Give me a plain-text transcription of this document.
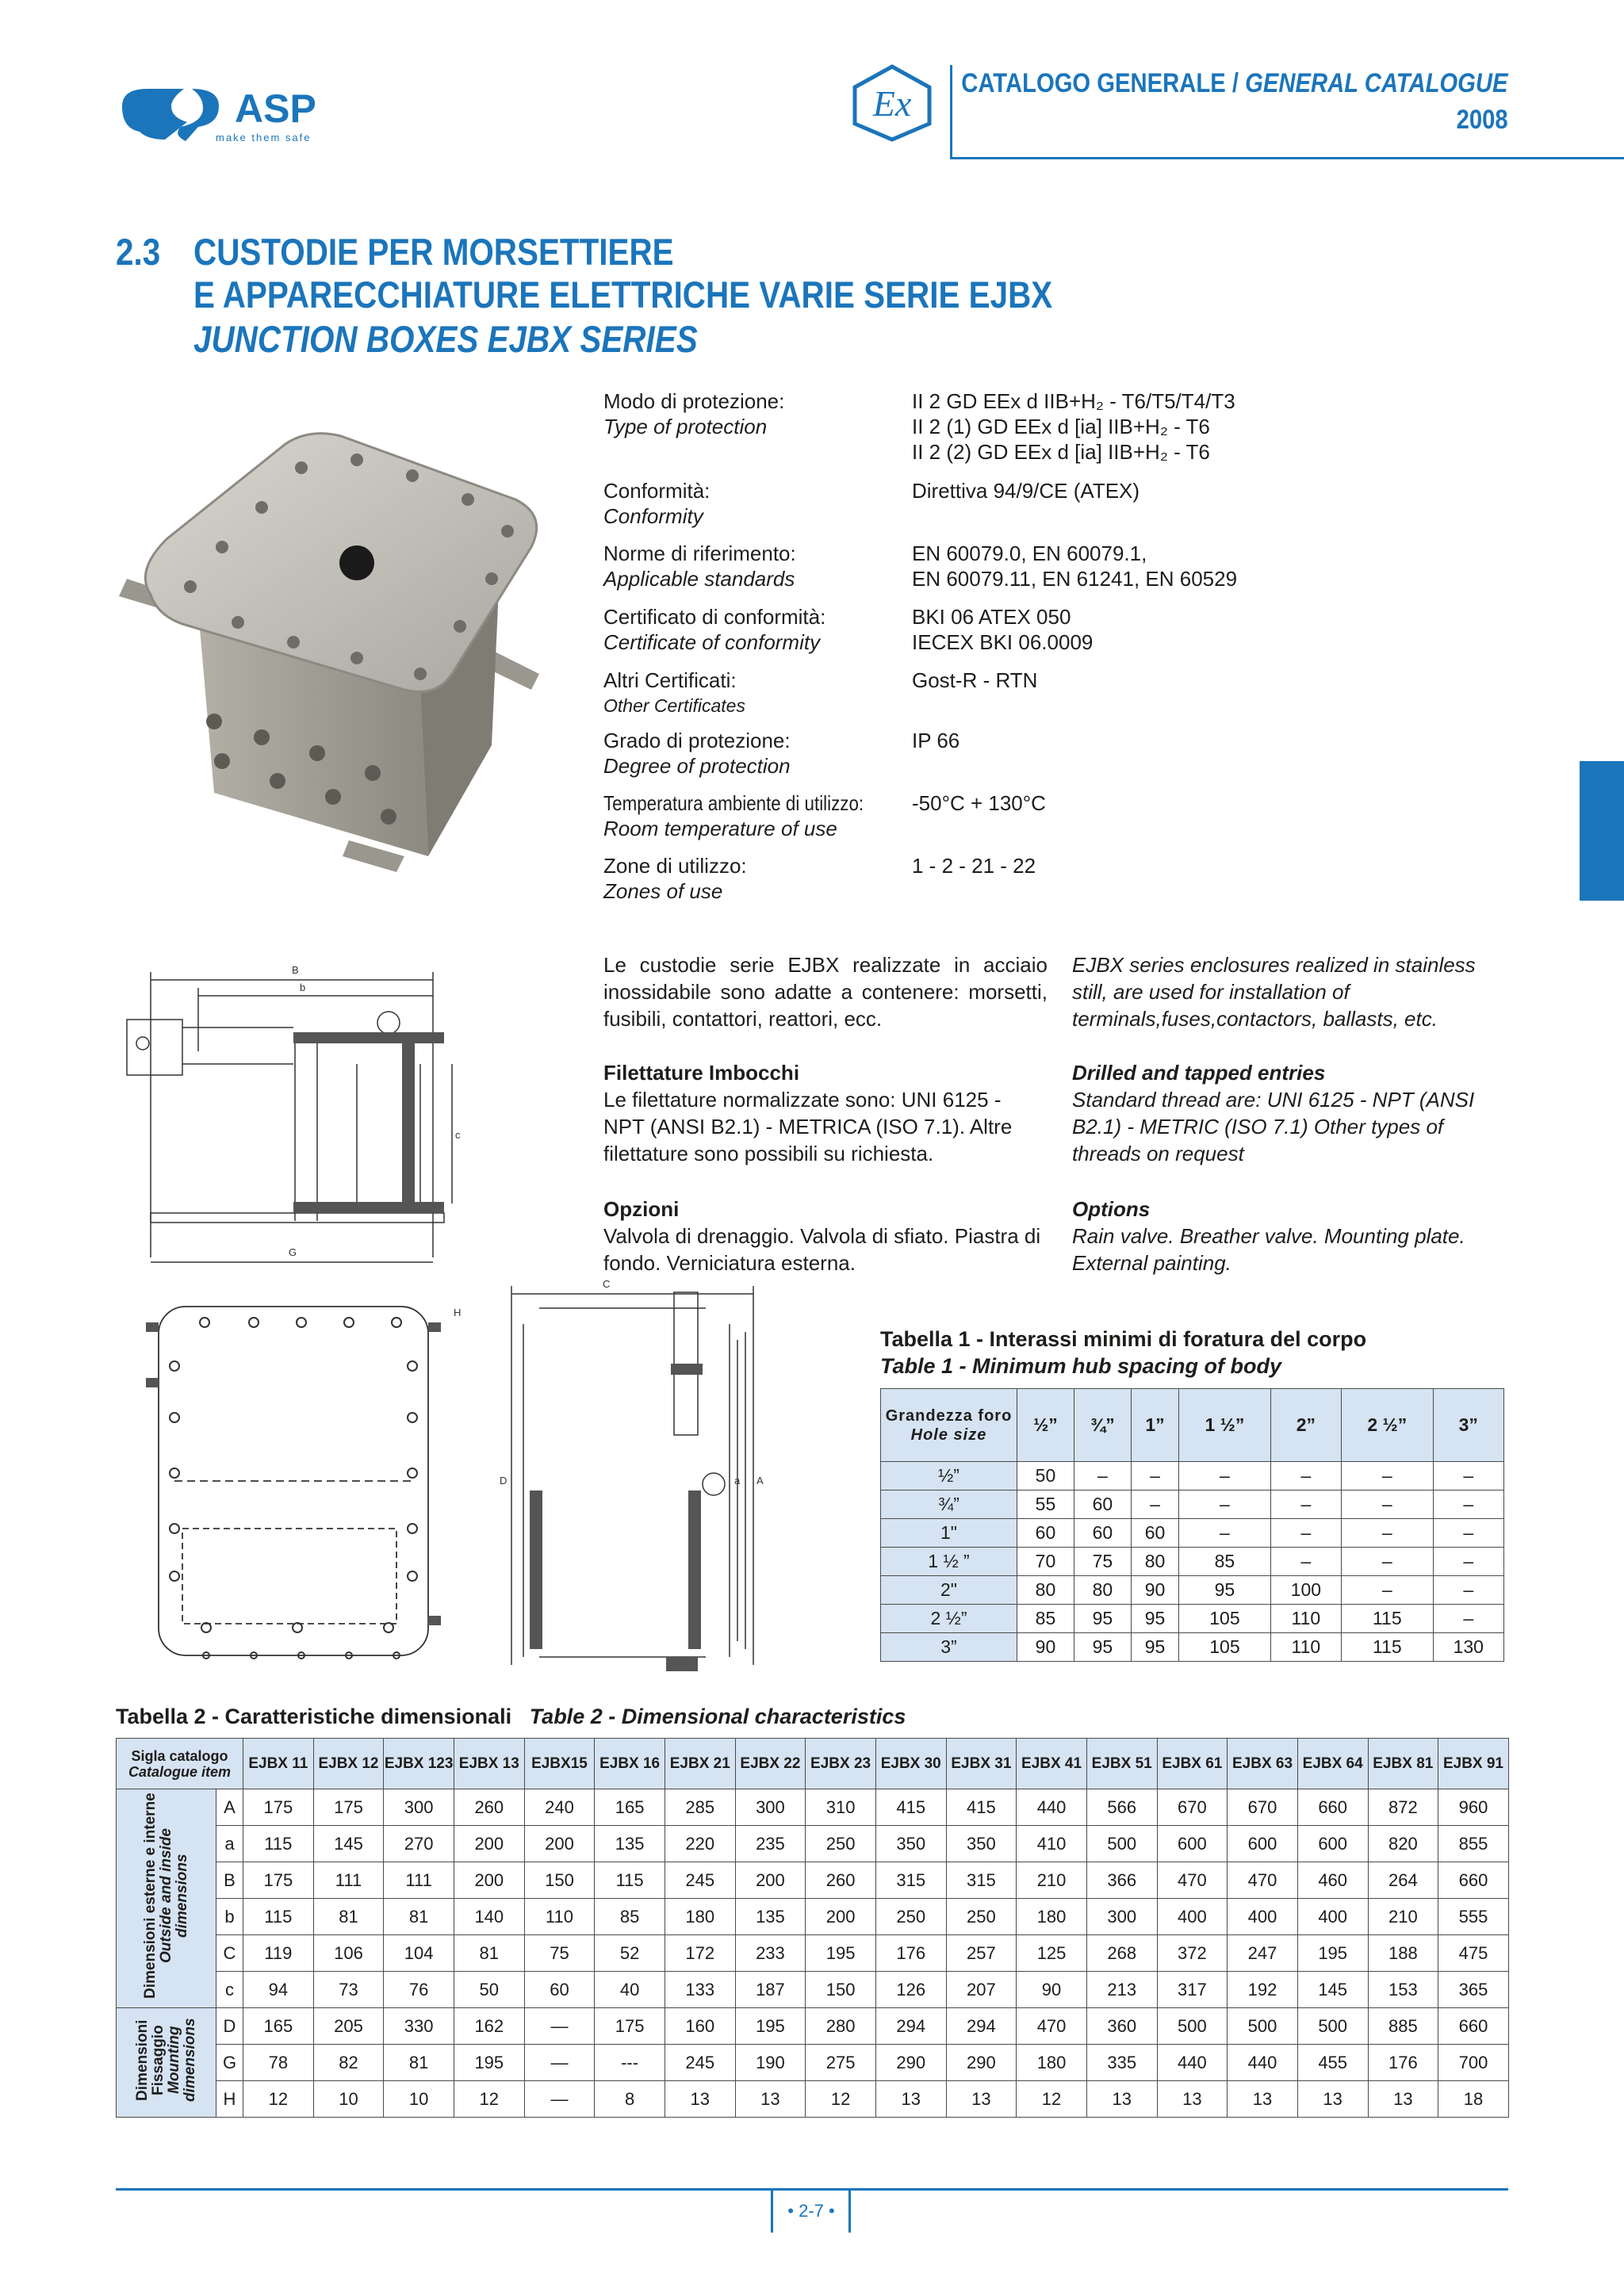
ASP
make them safe
Ex CATALOGO GENERALE / GENERAL CATALOGUE
2008
2.3 CUSTODIE PER MORSETTIERE
E APPARECCHIATURE ELETTRICHE VARIE SERIE EJBX
JUNCTION BOXES EJBX SERIES
Modo di protezione:
Type of protection
II 2 GD EEx d IIB+H₂ - T6/T5/T4/T3
II 2 (1) GD EEx d [ia] IIB+H₂ - T6
II 2 (2) GD EEx d [ia] IIB+H₂ - T6
Conformità:
Conformity
Direttiva 94/9/CE (ATEX)
Norme di riferimento:
Applicable standards
EN 60079.0, EN 60079.1,
EN 60079.11, EN 61241, EN 60529
Certificato di conformità:
Certificate of conformity
BKI 06 ATEX 050
IECEX BKI 06.0009
Altri Certificati:
Other Certificates
Gost-R - RTN
Grado di protezione:
Degree of protection
IP 66
Temperatura ambiente di utilizzo:
Room temperature of use
-50°C + 130°C
Zone di utilizzo:
Zones of use
1 - 2 - 21 - 22
Le custodie serie EJBX realizzate in acciaio inossidabile sono adatte a contenere: morsetti, fusibili, contattori, reattori, ecc.
EJBX series enclosures realized in stainless still, are used for installation of terminals,fuses,contactors, ballasts, etc.
Filettature Imbocchi
Le filettature normalizzate sono: UNI 6125 - NPT (ANSI B2.1) - METRICA (ISO 7.1). Altre filettature sono possibili su richiesta.
Drilled and tapped entries
Standard thread are: UNI 6125 - NPT (ANSI B2.1) - METRIC (ISO 7.1) Other types of threads on request
Opzioni
Valvola di drenaggio. Valvola di sfiato. Piastra di fondo. Verniciatura esterna.
Options
Rain valve. Breather valve. Mounting plate. External painting.
B
b
c
G
H
C
D	a A
Tabella 1 - Interassi minimi di foratura del corpo
Table 1 - Minimum hub spacing of body
Grandezza foro
Hole size	½”	¾”	1”	1 ½”	2”	2 ½”	3”
½”	50	–	–	–	–	–	–
¾”	55	60	–	–	–	–	–
1"	60	60	60	–	–	–	–
1 ½ ”	70	75	80	85	–	–	–
2"	80	80	90	95	100	–	–
2 ½”	85	95	95	105	110	115	–
3”	90	95	95	105	110	115	130
Tabella 2 - Caratteristiche dimensionali Table 2 - Dimensional characteristics
Sigla catalogo
Catalogue item		EJBX 11	EJBX 12	EJBX 123	EJBX 13	EJBX15	EJBX 16	EJBX 21	EJBX 22	EJBX 23	EJBX 30	EJBX 31	EJBX 41	EJBX 51	EJBX 61	EJBX 63	EJBX 64	EJBX 81	EJBX 91
Dimensioni esterne e interne
Outside and inside dimensions	A	175	175	300	260	240	165	285	300	310	415	415	440	566	670	670	660	872	960
	a	115	145	270	200	200	135	220	235	250	350	350	410	500	600	600	600	820	855
	B	175	111	111	200	150	115	245	200	260	315	315	210	366	470	470	460	264	660
	b	115	81	81	140	110	85	180	135	200	250	250	180	300	400	400	400	210	555
	C	119	106	104	81	75	52	172	233	195	176	257	125	268	372	247	195	188	475
	c	94	73	76	50	60	40	133	187	150	126	207	90	213	317	192	145	153	365
Dimensioni Fissaggio
Mounting dimensions	D	165	205	330	162	—	175	160	195	280	294	294	470	360	500	500	500	885	660
	G	78	82	81	195	—	---	245	190	275	290	290	180	335	440	440	455	176	700
	H	12	10	10	12	—	8	13	13	12	13	13	12	13	13	13	13	13	18
• 2-7 •
